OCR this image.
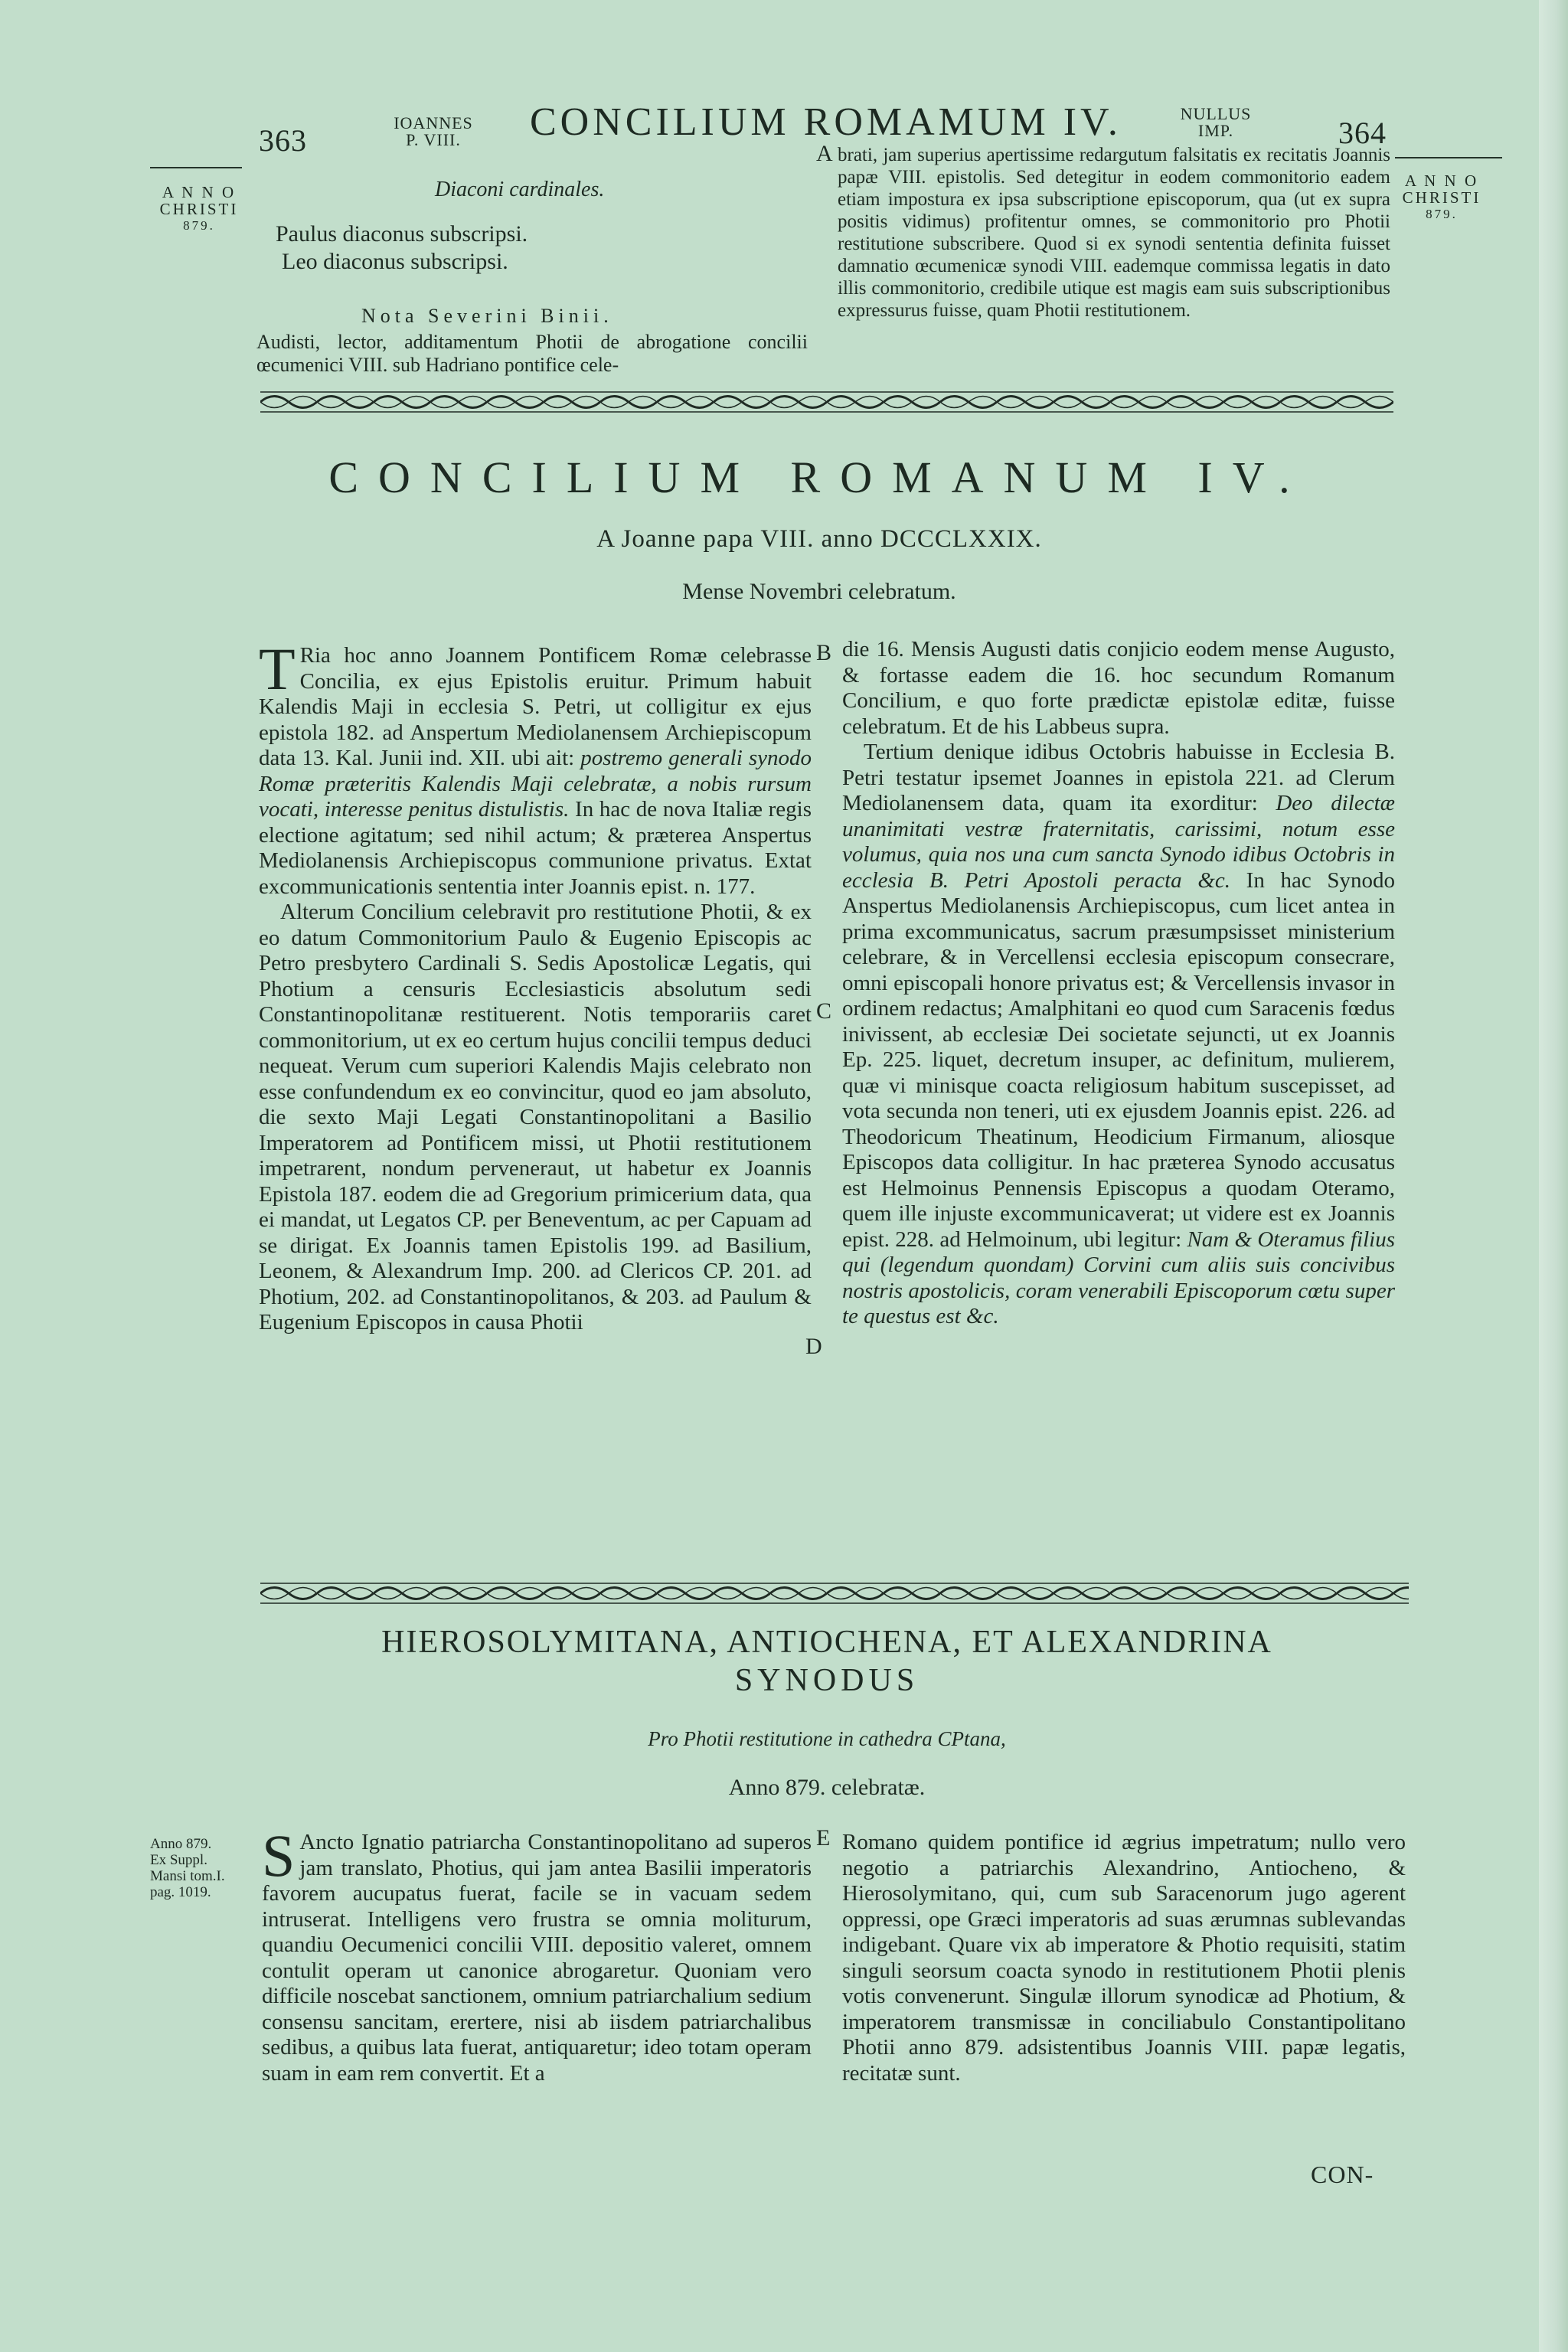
363
IOANNES
P. VIII.	CONCILIUM ROMAMUM IV.	NULLUS
IMP.	364
A N N O
CHRISTI
879.
A N N O
CHRISTI
879.
Diaconi cardinales.
Paulus diaconus subscripsi.
Leo diaconus subscripsi.
Nota Severini Binii.
Audisti, lector, additamentum Photii de abrogatione concilii œcumenici VIII. sub Hadriano pontifice cele-
A brati, jam superius apertissime redargutum falsitatis ex recitatis Joannis papæ VIII. epistolis. Sed detegitur in eodem commonitorio eadem etiam impostura ex ipsa subscriptione episcoporum, qua (ut ex supra positis vidimus) profitentur omnes, se commonitorio pro Photii restitutione subscribere. Quod si ex synodi sententia definita fuisset damnatio œcumenicæ synodi VIII. eademque commissa legatis in dato illis commonitorio, credibile utique est magis eam suis subscriptionibus expressurus fuisse, quam Photii restitutionem.
CONCILIUM ROMANUM IV.
A Joanne papa VIII. anno DCCCLXXIX.
Mense Novembri celebratum.

T Ria hoc anno Joannem Pontificem Romæ celebrasse Concilia, ex ejus Epistolis eruitur. Primum habuit Kalendis Maji in ecclesia S. Petri, ut colligitur ex ejus epistola 182. ad Anspertum Mediolanensem Archiepiscopum data 13. Kal. Junii ind. XII. ubi ait: postremo generali synodo Romæ præteritis Kalendis Maji celebratæ, a nobis rursum vocati, interesse penitus distulistis. In hac de nova Italiæ regis electione agitatum; sed nihil actum; & præterea Anspertus Mediolanensis Archiepiscopus communione privatus. Extat excommunicationis sententia inter Joannis epist. n. 177.

Alterum Concilium celebravit pro restitutione Photii, & ex eo datum Commonitorium Paulo & Eugenio Episcopis ac Petro presbytero Cardinali S. Sedis Apostolicæ Legatis, qui Photium a censuris Ecclesiasticis absolutum sedi Constantinopolitanæ restituerent. Notis temporariis caret commonitorium, ut ex eo certum hujus concilii tempus deduci nequeat. Verum cum superiori Kalendis Majis celebrato non esse confundendum ex eo convincitur, quod eo jam absoluto, die sexto Maji Legati Constantinopolitani a Basilio Imperatorem ad Pontificem missi, ut Photii restitutionem impetrarent, nondum perveneraut, ut habetur ex Joannis Epistola 187. eodem die ad Gregorium primicerium data, qua ei mandat, ut Legatos CP. per Beneventum, ac per Capuam ad se dirigat. Ex Joannis tamen Epistolis 199. ad Basilium, Leonem, & Alexandrum Imp. 200. ad Clericos CP. 201. ad Photium, 202. ad Constantinopolitanos, & 203. ad Paulum & Eugenium Episcopos in causa Photii

B
C
D

die 16. Mensis Augusti datis conjicio eodem mense Augusto, & fortasse eadem die 16. hoc secundum Romanum Concilium, e quo forte prædictæ epistolæ editæ, fuisse celebratum. Et de his Labbeus supra.

Tertium denique idibus Octobris habuisse in Ecclesia B. Petri testatur ipsemet Joannes in epistola 221. ad Clerum Mediolanensem data, quam ita exorditur: Deo dilectæ unanimitati vestræ fraternitatis, carissimi, notum esse volumus, quia nos una cum sancta Synodo idibus Octobris in ecclesia B. Petri Apostoli peracta &c. In hac Synodo Anspertus Mediolanensis Archiepiscopus, cum licet antea in prima excommunicatus, sacrum præsumpsisset ministerium celebrare, & in Vercellensi ecclesia episcopum consecrare, omni episcopali honore privatus est; & Vercellensis invasor in ordinem redactus; Amalphitani eo quod cum Saracenis fœdus inivissent, ab ecclesiæ Dei societate sejuncti, ut ex Joannis Ep. 225. liquet, decretum insuper, ac definitum, mulierem, quæ vi minisque coacta religiosum habitum suscepisset, ad vota secunda non teneri, uti ex ejusdem Joannis epist. 226. ad Theodoricum Theatinum, Heodicium Firmanum, aliosque Episcopos data colligitur. In hac præterea Synodo accusatus est Helmoinus Pennensis Episcopus a quodam Oteramo, quem ille injuste excommunicaverat; ut videre est ex Joannis epist. 228. ad Helmoinum, ubi legitur: Nam & Oteramus filius qui (legendum quondam) Corvini cum aliis suis concivibus nostris apostolicis, coram venerabili Episcoporum cœtu super te questus est &c.

HIEROSOLYMITANA, ANTIOCHENA, ET ALEXANDRINA
SYNODUS
Pro Photii restitutione in cathedra CPtana,
Anno 879. celebratæ.
Anno 879.
Ex Suppl.
Mansi tom.I.
pag. 1019.

S Ancto Ignatio patriarcha Constantinopolitano ad superos jam translato, Photius, qui jam antea Basilii imperatoris favorem aucupatus fuerat, facile se in vacuam sedem intruserat. Intelligens vero frustra se omnia moliturum, quandiu Oecumenici concilii VIII. depositio valeret, omnem contulit operam ut canonice abrogaretur. Quoniam vero difficile noscebat sanctionem, omnium patriarchalium sedium consensu sancitam, erertere, nisi ab iisdem patriarchalibus sedibus, a quibus lata fuerat, antiquaretur; ideo totam operam suam in eam rem convertit. Et a

E Romano quidem pontifice id ægrius impetratum; nullo vero negotio a patriarchis Alexandrino, Antiocheno, & Hierosolymitano, qui, cum sub Saracenorum jugo agerent oppressi, ope Græci imperatoris ad suas ærumnas sublevandas indigebant. Quare vix ab imperatore & Photio requisiti, statim singuli seorsum coacta synodo in restitutionem Photii plenis votis convenerunt. Singulæ illorum synodicæ ad Photium, & imperatorem transmissæ in conciliabulo Constantipolitano Photii anno 879. adsistentibus Joannis VIII. papæ legatis, recitatæ sunt.

CON-
